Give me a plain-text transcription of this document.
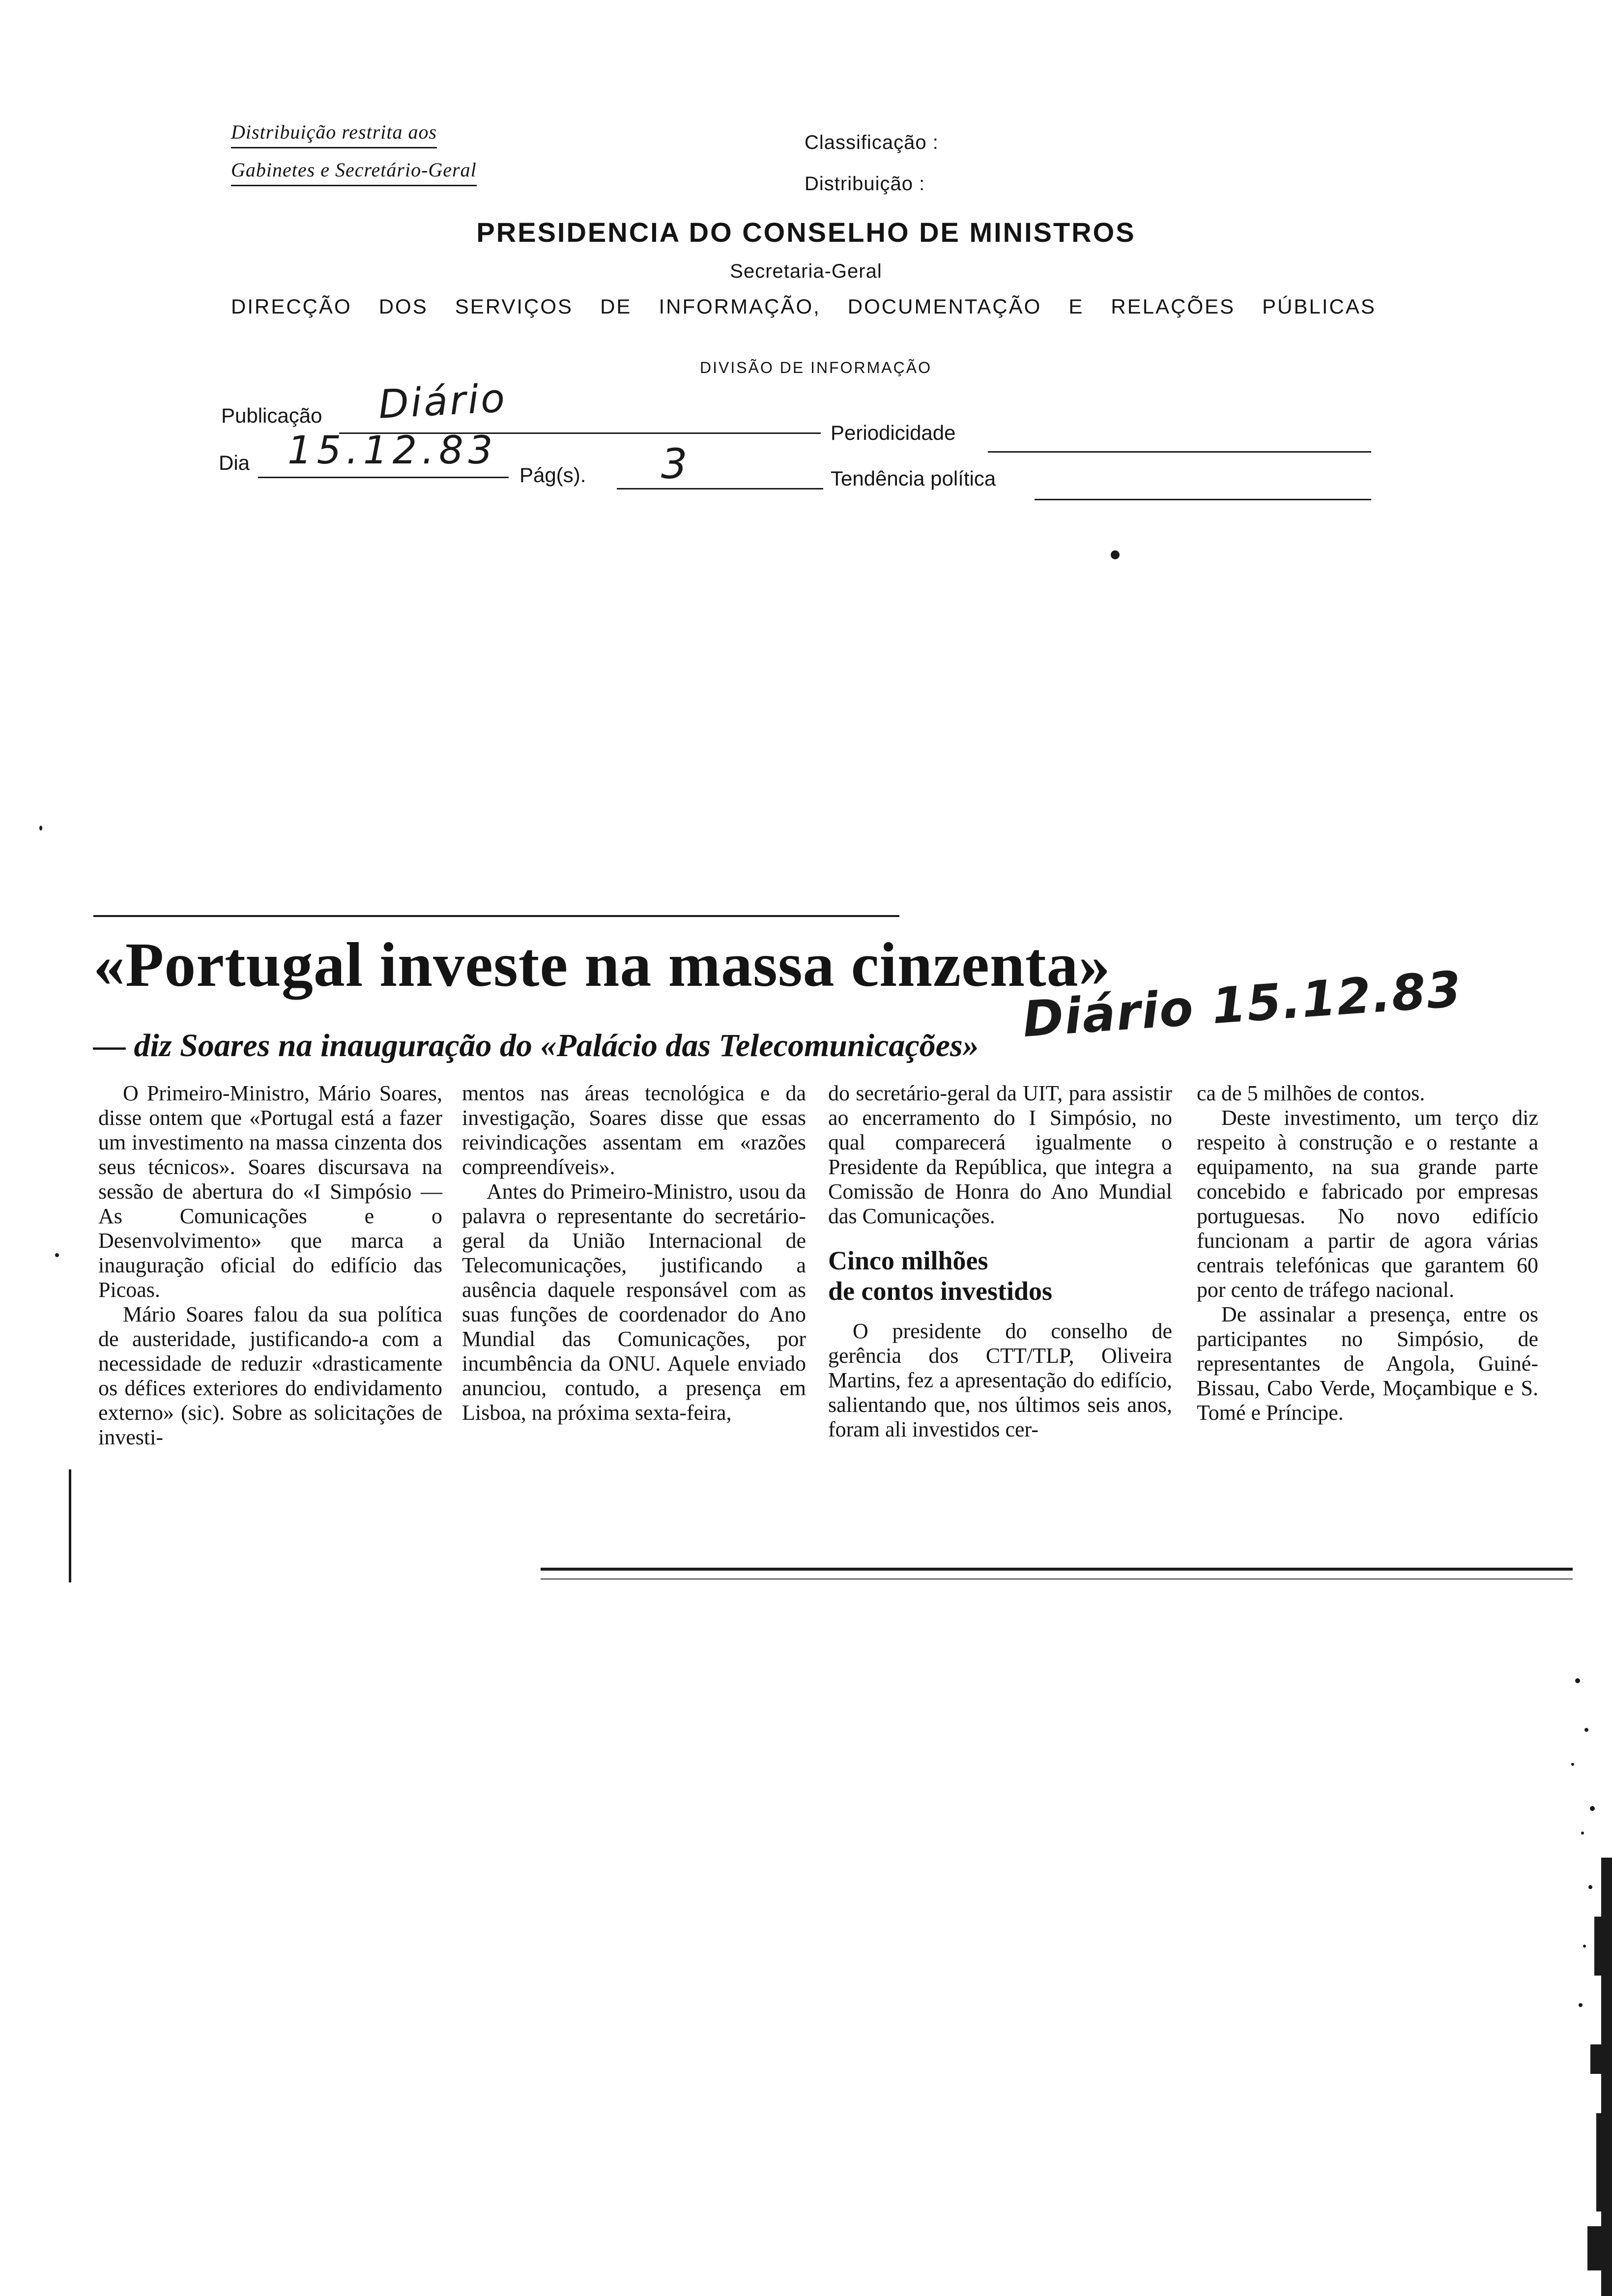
Distribuição restrita aos
Gabinetes e Secretário-Geral
Classificação :
Distribuição :
PRESIDENCIA DO CONSELHO DE MINISTROS
Secretaria-Geral
DIRECÇÃO DOS SERVIÇOS DE INFORMAÇÃO, DOCUMENTAÇÃO E RELAÇÕES PÚBLICAS
DIVISÃO DE INFORMAÇÃO
Publicação Diário
Periodicidade
Dia 15.12.83
Pág(s). 3	Tendência política
«Portugal investe na massa cinzenta»
Diário 15.12.83
— diz Soares na inauguração do «Palácio das Telecomunicações»

O Primeiro-Ministro, Mário Soares, disse ontem que «Portugal está a fazer um investimento na massa cinzenta dos seus técnicos». Soares discursava na sessão de abertura do «I Simpósio — As Comunicações e o Desenvolvimento» que marca a inauguração oficial do edifício das Picoas.

Mário Soares falou da sua política de austeridade, justificando-a com a necessidade de reduzir «drasticamente os défices exteriores do endividamento externo» (sic). Sobre as solicitações de investi-

mentos nas áreas tecnológica e da investigação, Soares disse que essas reivindicações assentam em «razões compreendíveis».

Antes do Primeiro-Ministro, usou da palavra o representante do secretário-geral da União Internacional de Telecomunicações, justificando a ausência daquele responsável com as suas funções de coordenador do Ano Mundial das Comunicações, por incumbência da ONU. Aquele enviado anunciou, contudo, a presença em Lisboa, na próxima sexta-feira,

do secretário-geral da UIT, para assistir ao encerramento do I Simpósio, no qual comparecerá igualmente o Presidente da República, que integra a Comissão de Honra do Ano Mundial das Comunicações.

Cinco milhões
de contos investidos

O presidente do conselho de gerência dos CTT/TLP, Oliveira Martins, fez a apresentação do edifício, salientando que, nos últimos seis anos, foram ali investidos cer-

ca de 5 milhões de contos.

Deste investimento, um terço diz respeito à construção e o restante a equipamento, na sua grande parte concebido e fabricado por empresas portuguesas. No novo edifício funcionam a partir de agora várias centrais telefónicas que garantem 60 por cento de tráfego nacional.

De assinalar a presença, entre os participantes no Simpósio, de representantes de Angola, Guiné-Bissau, Cabo Verde, Moçambique e S. Tomé e Príncipe.
